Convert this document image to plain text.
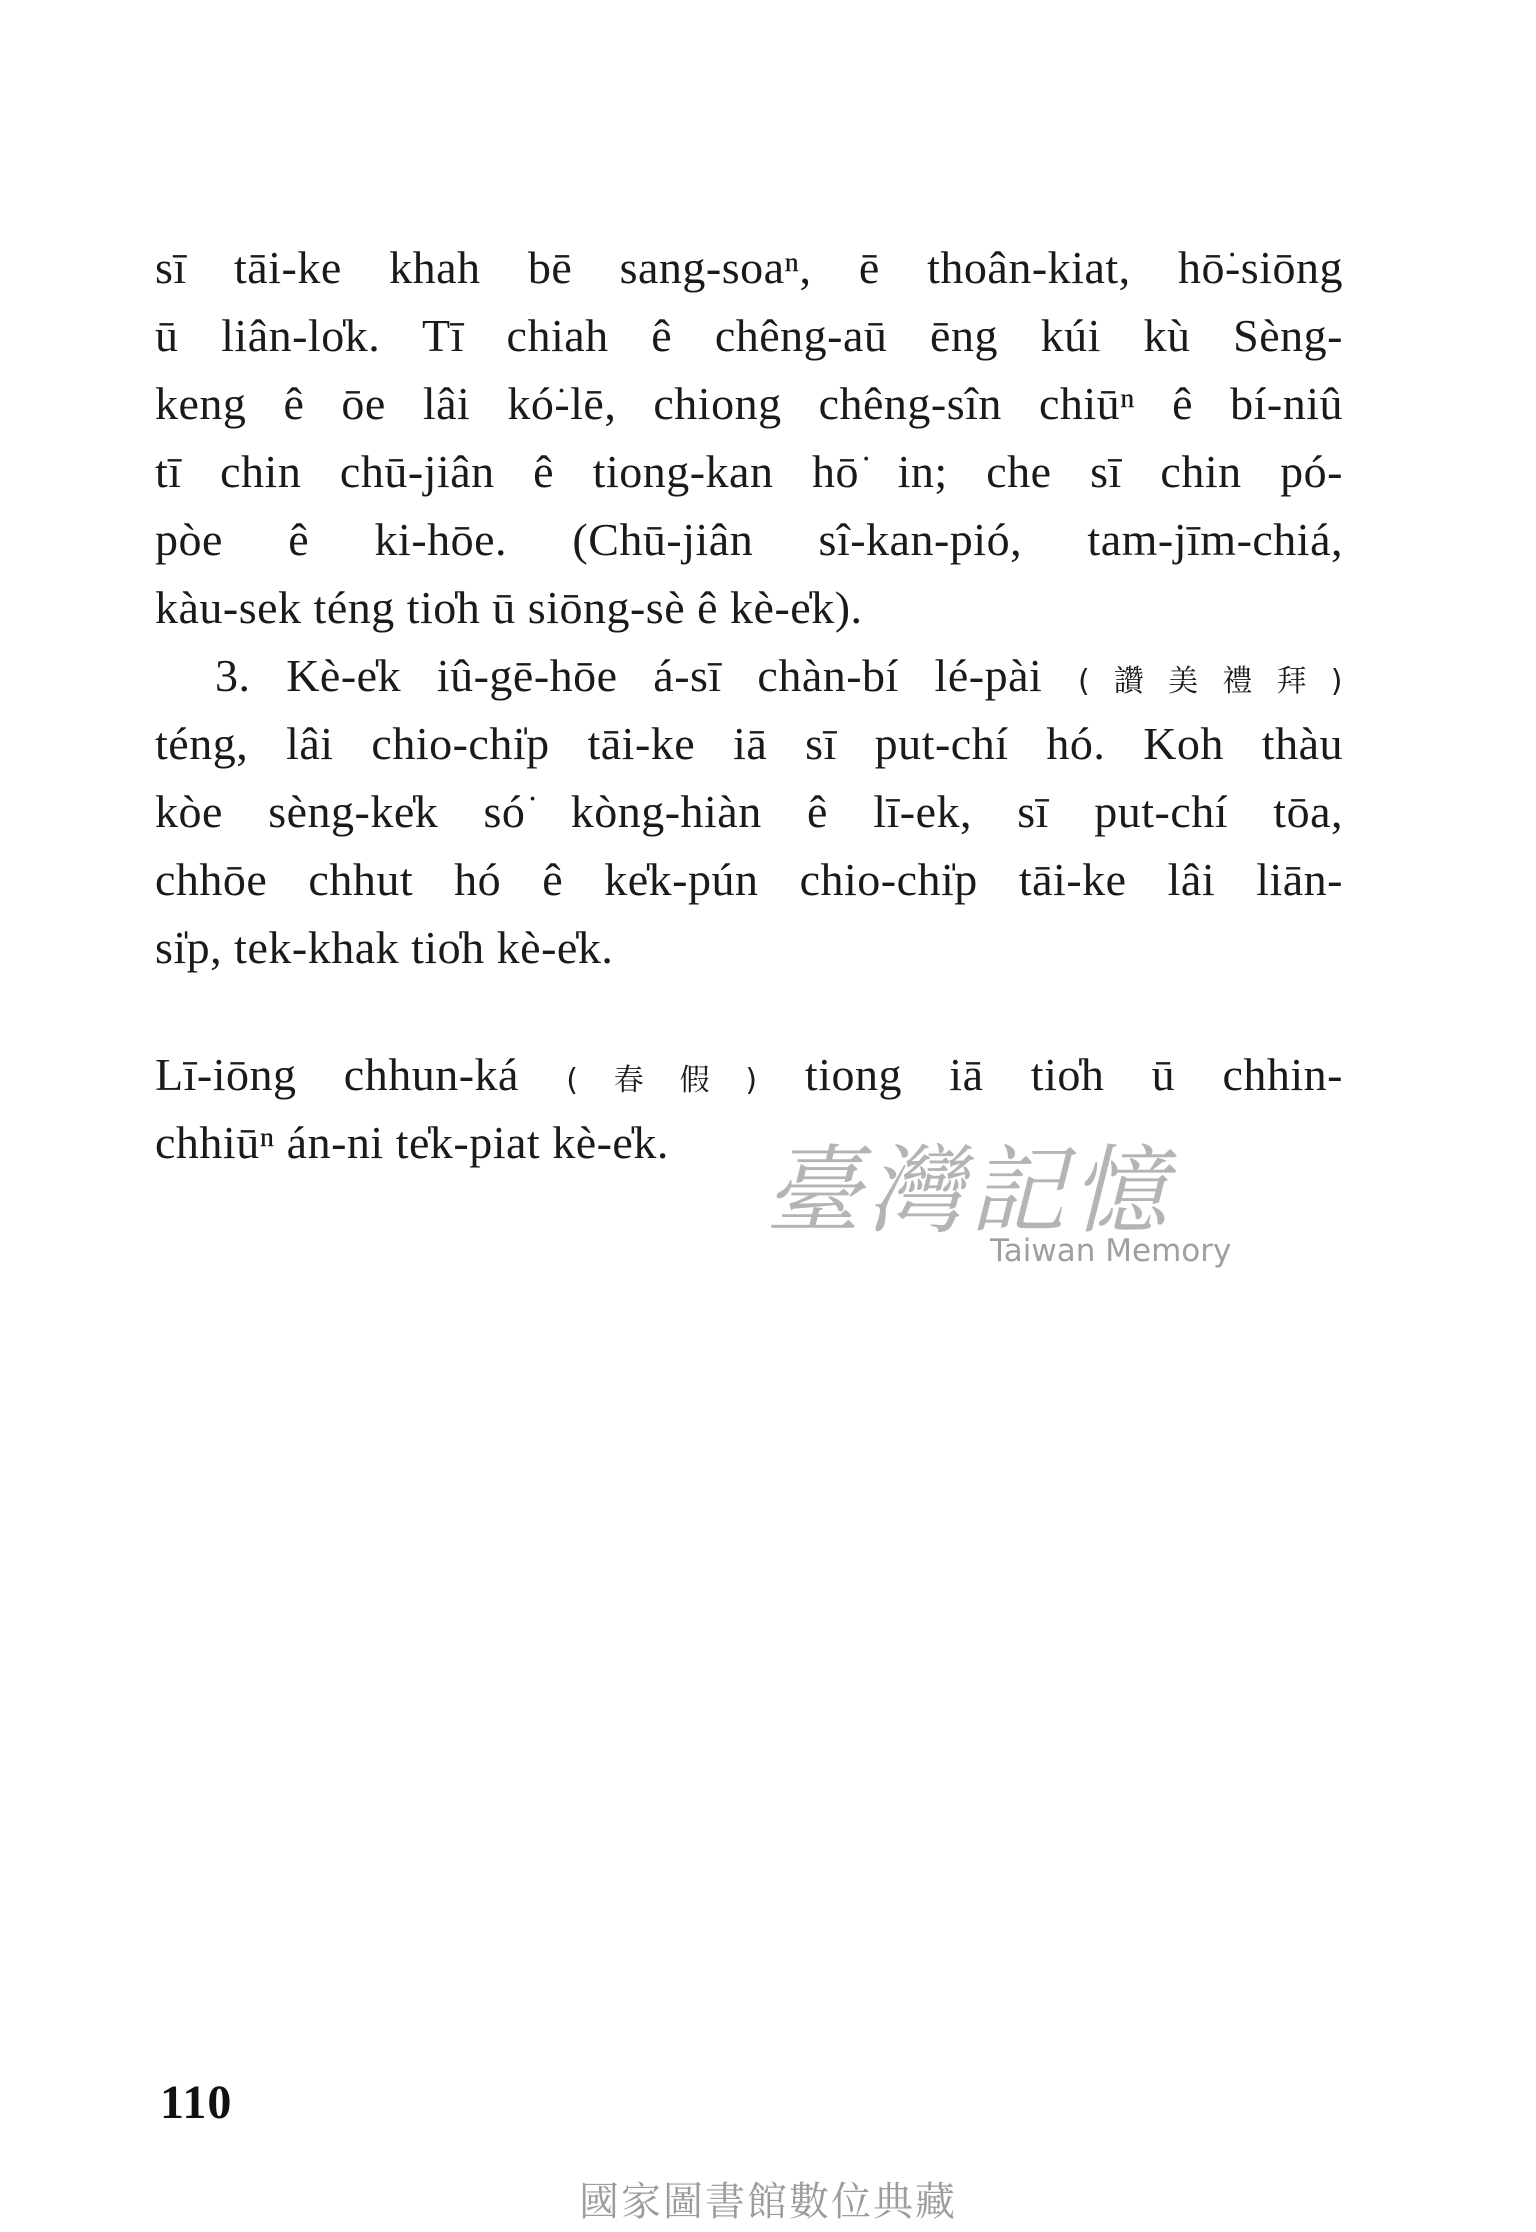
sī tāi-ke khah bē sang-soaⁿ, ē thoân-kiat, hō͘-siōng
ū liân-lo̍k. Tī chiah ê chêng-aū ēng kúi kù Sèng-
keng ê ōe lâi kó͘-lē, chiong chêng-sîn chiūⁿ ê bí-niû
tī chin chū-jiân ê tiong-kan hō͘ in; che sī chin pó-
pòe ê ki-hōe. (Chū-jiân sî-kan-pió, tam-jīm-chiá,
kàu-sek téng tio̍h ū siōng-sè ê kè-e̍k).
3. Kè-e̍k iû-gē-hōe á-sī chàn-bí lé-pài (讚美禮拜)
téng, lâi chio-chi̍p tāi-ke iā sī put-chí hó. Koh thàu
kòe sèng-ke̍k só͘ kòng-hiàn ê lī-ek, sī put-chí tōa,
chhōe chhut hó ê ke̍k-pún chio-chi̍p tāi-ke lâi liān-
si̍p, tek-khak tio̍h kè-e̍k.
Lī-iōng chhun-ká (春假) tiong iā tio̍h ū chhin-
chhiūⁿ án-ni te̍k-piat kè-e̍k.	臺灣記憶
Taiwan Memory
110
國家圖書館數位典藏
